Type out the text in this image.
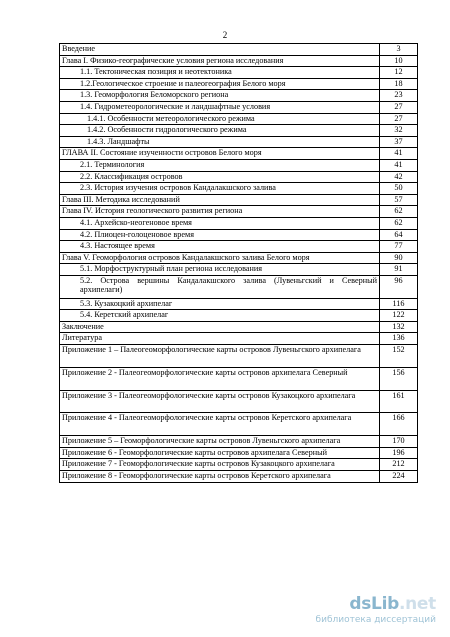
2
Введение	3
Глава I. Физико-географические условия региона исследования	10
1.1. Тектоническая позиция и неотектоника	12
1.2.Геологическое строение и палеогеография Белого моря	18
1.3. Геоморфология Беломорского региона	23
1.4. Гидрометеорологические и ландшафтные условия	27
1.4.1. Особенности метеорологического режима	27
1.4.2. Особенности гидрологического режима	32
1.4.3. Ландшафты	37
ГЛАВА II. Состояние изученности островов Белого моря	41
2.1. Терминология	41
2.2. Классификация островов	42
2.3. История изучения островов Кандалакшского залива	50
Глава III. Методика исследований	57
Глава IV. История геологического развития региона	62
4.1. Архейско-неогеновое время	62
4.2. Плиоцен-голоценовое время	64
4.3. Настоящее время	77
Глава V. Геоморфология островов Кандалакшского залива Белого моря	90
5.1. Морфоструктурный план региона исследования	91
5.2. Острова вершины Кандалакшского залива (Лувеньгский и Северный архипелаги)	96
5.3. Кузакоцкий архипелаг	116
5.4. Керетский архипелаг	122
Заключение	132
Литература	136
Приложение 1 – Палеогеоморфологические карты островов Лувеньгского архипелага	152
Приложение 2 - Палеогеоморфологические карты островов архипелага Северный	156
Приложение 3 - Палеогеоморфологические карты островов Кузакоцкого архипелага	161
Приложение 4 - Палеогеоморфологические карты островов Керетского архипелага	166
Приложение 5 – Геоморфологические карты островов Лувеньгского архипелага	170
Приложение 6 - Геоморфологические карты островов архипелага Северный	196
Приложение 7 - Геоморфологические карты островов Кузакоцкого архипелага	212
Приложение 8 - Геоморфологические карты островов Керетского архипелага	224
dsLib.net
библиотека диссертаций
